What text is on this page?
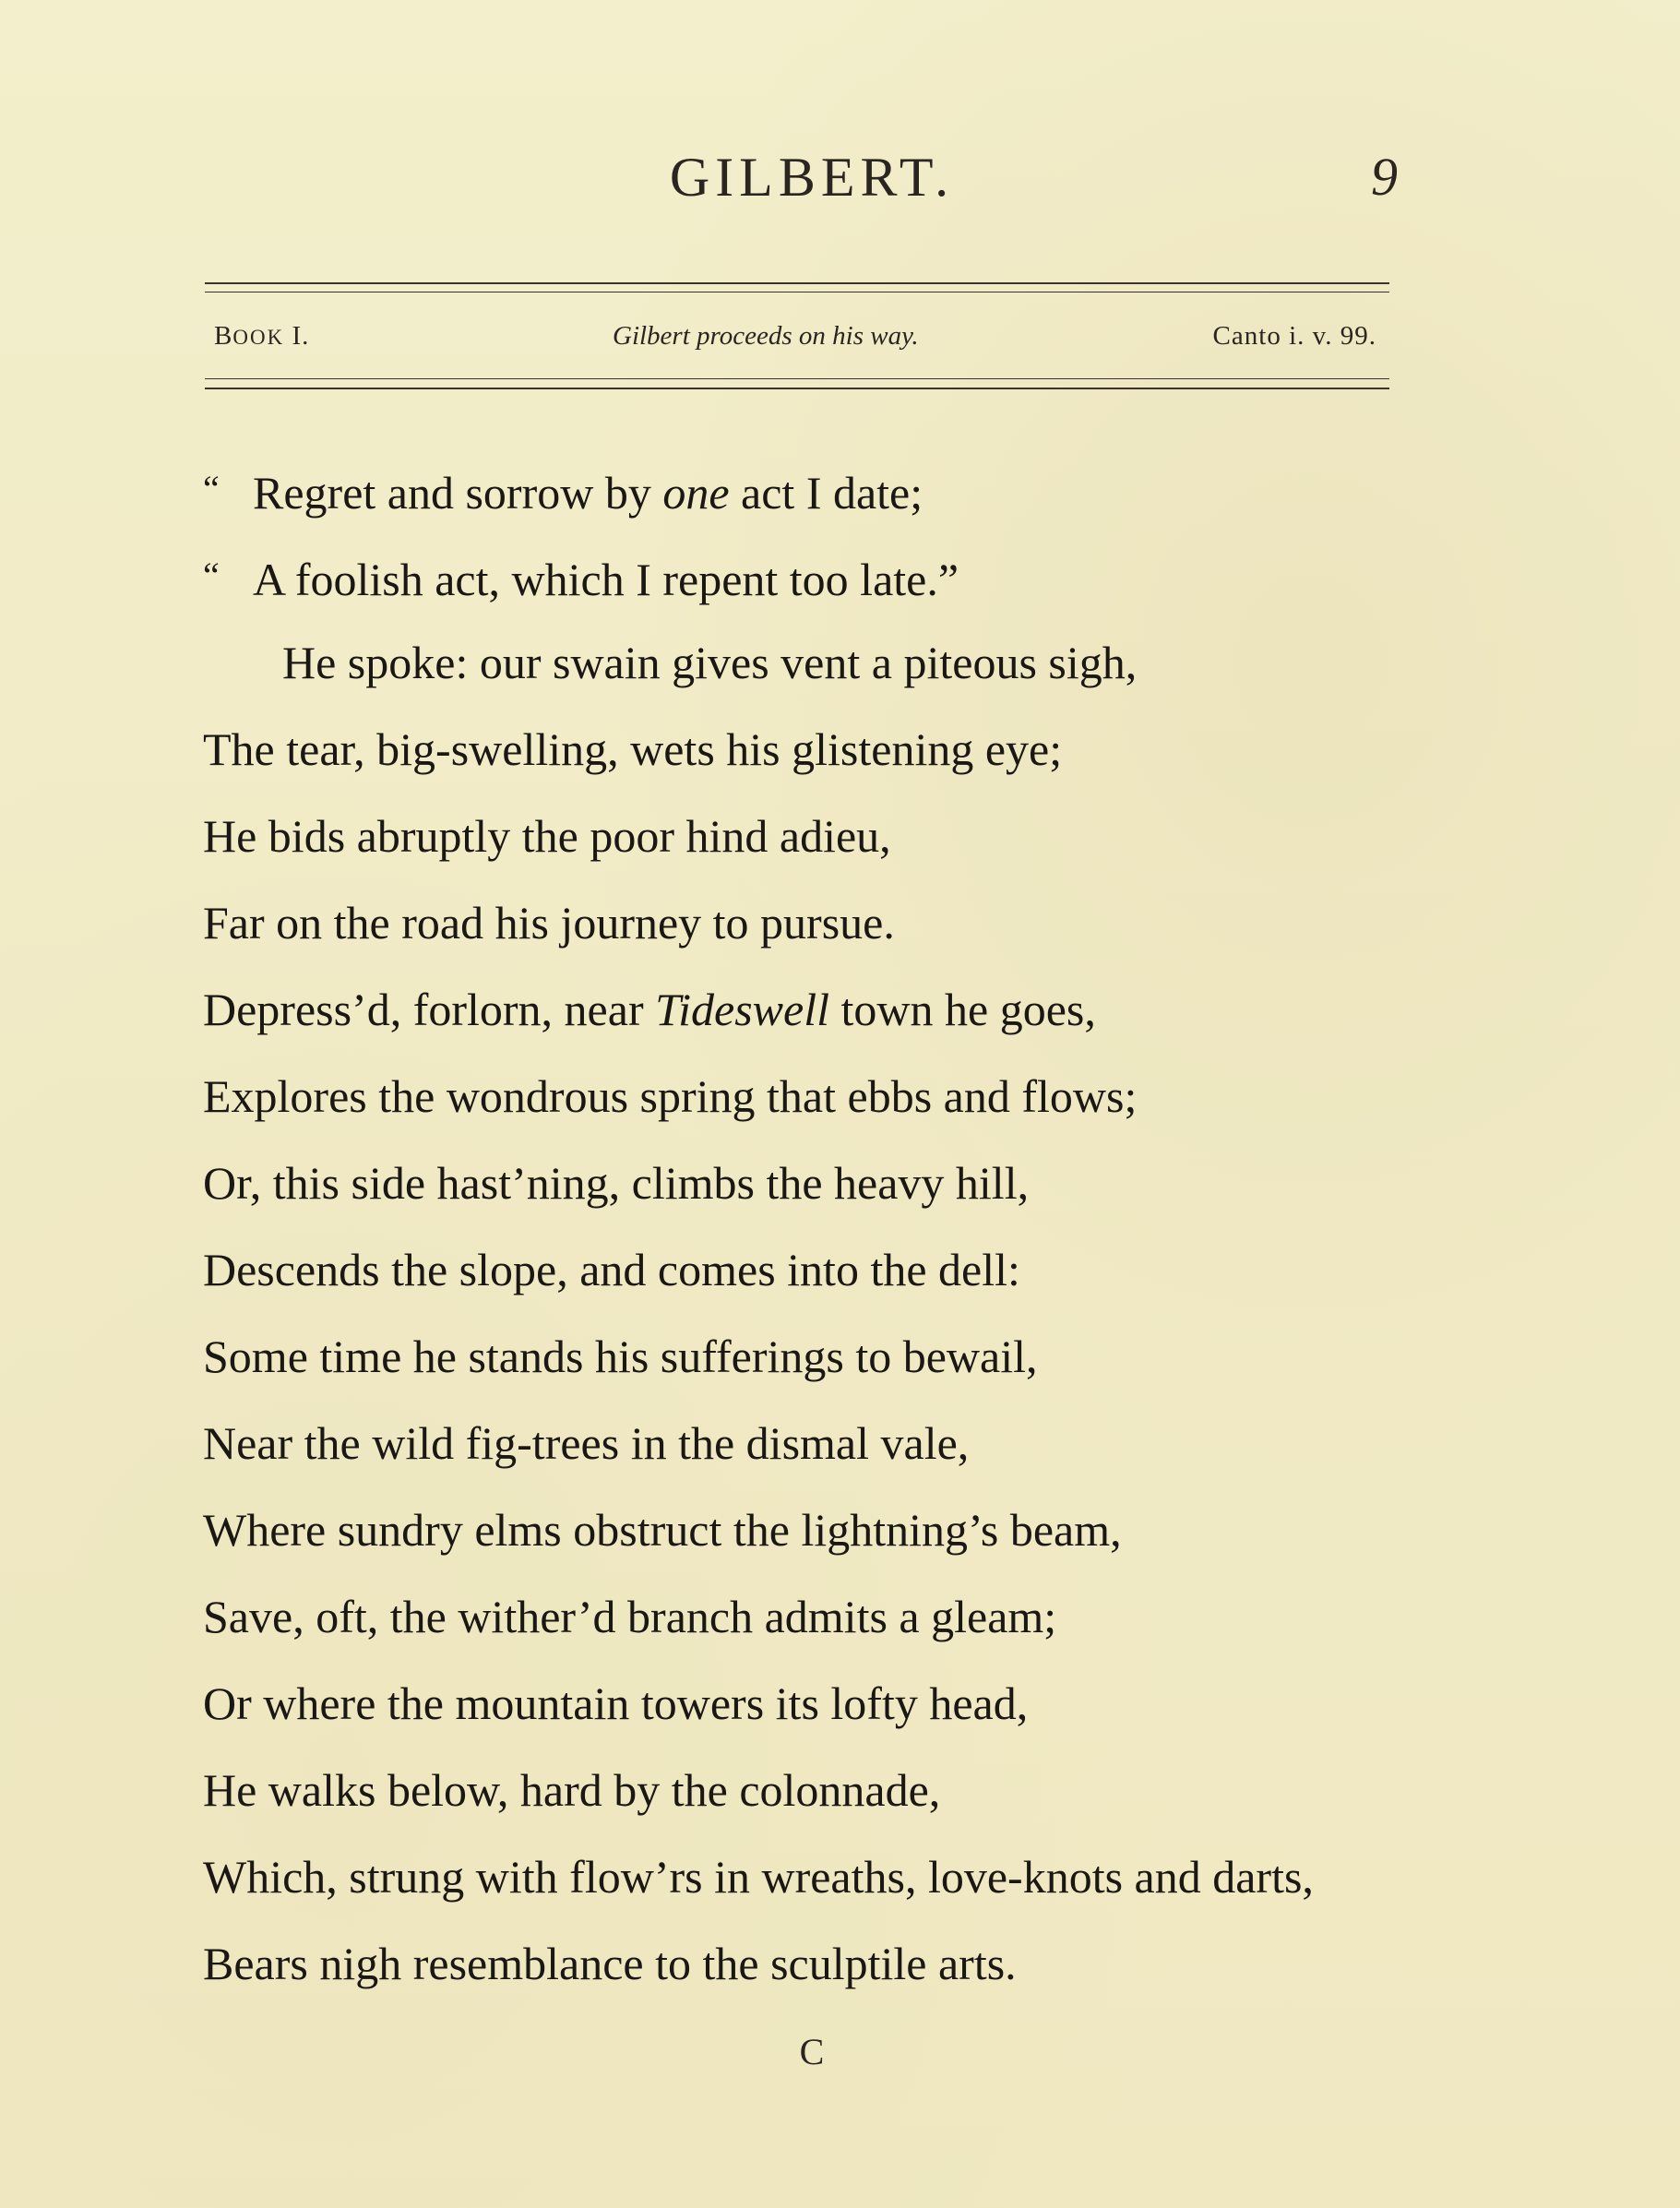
GILBERT.	9
BOOK I.	Gilbert proceeds on his way.	Canto i. v. 99.
“ Regret and sorrow by one act I date;
“ A foolish act, which I repent too late.”
He spoke: our swain gives vent a piteous sigh,
The tear, big-swelling, wets his glistening eye;
He bids abruptly the poor hind adieu,
Far on the road his journey to pursue.
Depress’d, forlorn, near Tideswell town he goes,
Explores the wondrous spring that ebbs and flows;
Or, this side hast’ning, climbs the heavy hill,
Descends the slope, and comes into the dell:
Some time he stands his sufferings to bewail,
Near the wild fig-trees in the dismal vale,
Where sundry elms obstruct the lightning’s beam,
Save, oft, the wither’d branch admits a gleam;
Or where the mountain towers its lofty head,
He walks below, hard by the colonnade,
Which, strung with flow’rs in wreaths, love-knots and darts,
Bears nigh resemblance to the sculptile arts.
C
